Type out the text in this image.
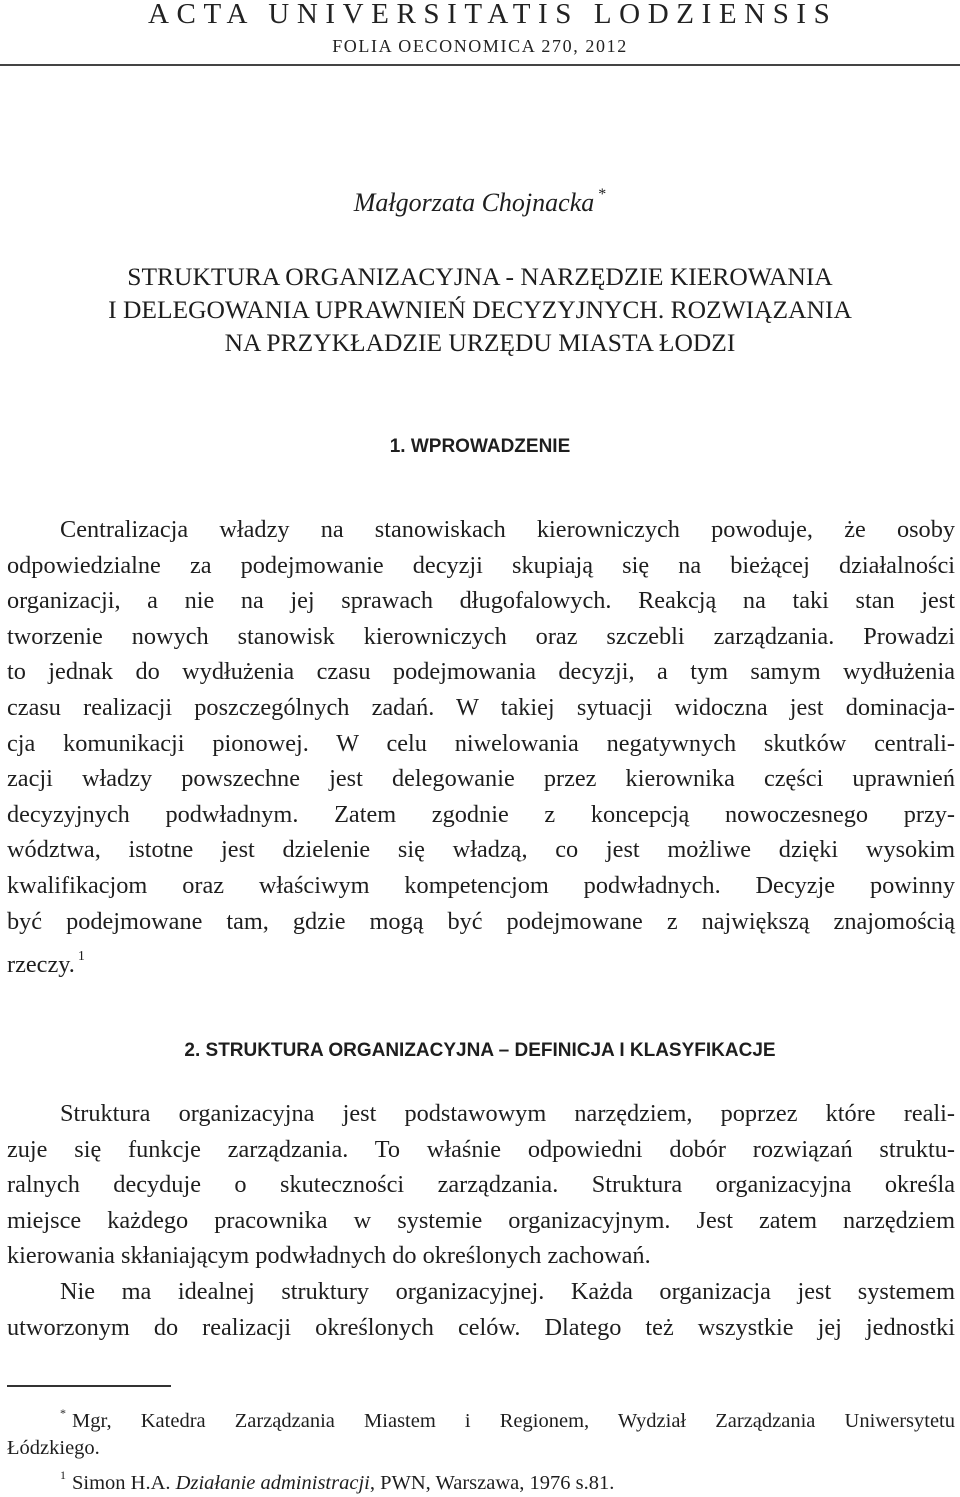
ACTA UNIVERSITATIS LODZIENSIS
FOLIA OECONOMICA 270, 2012
Małgorzata Chojnacka *
STRUKTURA ORGANIZACYJNA - NARZĘDZIE KIEROWANIA
I DELEGOWANIA UPRAWNIEŃ DECYZYJNYCH. ROZWIĄZANIA
NA PRZYKŁADZIE URZĘDU MIASTA ŁODZI
1. WPROWADZENIE
Centralizacja władzy na stanowiskach kierowniczych powoduje, że osoby
odpowiedzialne za podejmowanie decyzji skupiają się na bieżącej działalności
organizacji, a nie na jej sprawach długofalowych. Reakcją na taki stan jest
tworzenie nowych stanowisk kierowniczych oraz szczebli zarządzania. Prowadzi
to jednak do wydłużenia czasu podejmowania decyzji, a tym samym wydłużenia
czasu realizacji poszczególnych zadań. W takiej sytuacji widoczna jest dominacja-
cja komunikacji pionowej. W celu niwelowania negatywnych skutków centrali-
zacji władzy powszechne jest delegowanie przez kierownika części uprawnień
decyzyjnych podwładnym. Zatem zgodnie z koncepcją nowoczesnego przy-
wództwa, istotne jest dzielenie się władzą, co jest możliwe dzięki wysokim
kwalifikacjom oraz właściwym kompetencjom podwładnych. Decyzje powinny
być podejmowane tam, gdzie mogą być podejmowane z największą znajomością
rzeczy. $^1$
2. STRUKTURA ORGANIZACYJNA – DEFINICJA I KLASYFIKACJE
Struktura organizacyjna jest podstawowym narzędziem, poprzez które reali-
zuje się funkcje zarządzania. To właśnie odpowiedni dobór rozwiązań struktu-
ralnych decyduje o skuteczności zarządzania. Struktura organizacyjna określa
miejsce każdego pracownika w systemie organizacyjnym. Jest zatem narzędziem
kierowania skłaniającym podwładnych do określonych zachowań.
Nie ma idealnej struktury organizacyjnej. Każda organizacja jest systemem
utworzonym do realizacji określonych celów. Dlatego też wszystkie jej jednostki
* Mgr, Katedra Zarządzania Miastem i Regionem, Wydział Zarządzania Uniwersytetu
Łódzkiego.
$^1$ Simon H.A. Działanie administracji, PWN, Warszawa, 1976 s.81.
